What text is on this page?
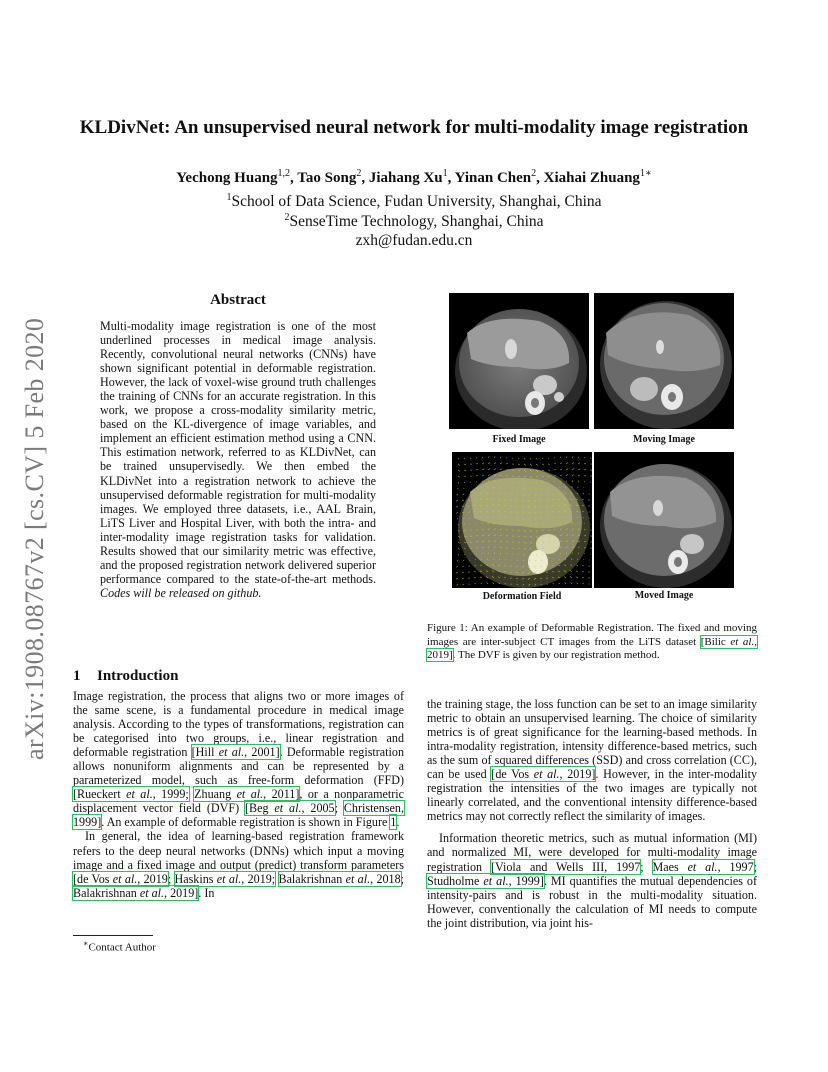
arXiv:1908.08767v2 [cs.CV] 5 Feb 2020
KLDivNet: An unsupervised neural network for multi-modality image registration
Yechong Huang$^{1,2}$, Tao Song$^2$, Jiahang Xu$^1$, Yinan Chen$^2$, Xiahai Zhuang$^{1∗}$
$^1$School of Data Science, Fudan University, Shanghai, China
$^2$SenseTime Technology, Shanghai, China
zxh@fudan.edu.cn
Abstract

Multi-modality image registration is one of the most underlined processes in medical image analysis. Recently, convolutional neural networks (CNNs) have shown significant potential in deformable registration. However, the lack of voxel-wise ground truth challenges the training of CNNs for an accurate registration. In this work, we propose a cross-modality similarity metric, based on the KL-divergence of image variables, and implement an efficient estimation method using a CNN. This estimation network, referred to as KLDivNet, can be trained unsupervisedly. We then embed the KLDivNet into a registration network to achieve the unsupervised deformable registration for multi-modality images. We employed three datasets, i.e., AAL Brain, LiTS Liver and Hospital Liver, with both the intra- and inter-modality image registration tasks for validation. Results showed that our similarity metric was effective, and the proposed registration network delivered superior performance compared to the state-of-the-art methods. Codes will be released on github.

1 Introduction

Image registration, the process that aligns two or more images of the same scene, is a fundamental procedure in medical image analysis. According to the types of transformations, registration can be categorised into two groups, i.e., linear registration and deformable registration [Hill et al., 2001]. Deformable registration allows nonuniform alignments and can be represented by a parameterized model, such as free-form deformation (FFD) [Rueckert et al., 1999; Zhuang et al., 2011], or a nonparametric displacement vector field (DVF) [Beg et al., 2005; Christensen, 1999]. An example of deformable registration is shown in Figure 1.

In general, the idea of learning-based registration framework refers to the deep neural networks (DNNs) which input a moving image and a fixed image and output (predict) transform parameters [de Vos et al., 2019; Haskins et al., 2019; Balakrishnan et al., 2018; Balakrishnan et al., 2019]. In

∗Contact Author
Fixed Image	Moving Image
Deformation Field	Moved Image

Figure 1: An example of Deformable Registration. The fixed and moving images are inter-subject CT images from the LiTS dataset [Bilic et al., 2019]. The DVF is given by our registration method.

the training stage, the loss function can be set to an image similarity metric to obtain an unsupervised learning. The choice of similarity metrics is of great significance for the learning-based methods. In intra-modality registration, intensity difference-based metrics, such as the sum of squared differences (SSD) and cross correlation (CC), can be used [de Vos et al., 2019]. However, in the inter-modality registration the intensities of the two images are typically not linearly correlated, and the conventional intensity difference-based metrics may not correctly reflect the similarity of images.

Information theoretic metrics, such as mutual information (MI) and normalized MI, were developed for multi-modality image registration [Viola and Wells III, 1997; Maes et al., 1997; Studholme et al., 1999]. MI quantifies the mutual dependencies of intensity-pairs and is robust in the multi-modality situation. However, conventionally the calculation of MI needs to compute the joint distribution, via joint his-
